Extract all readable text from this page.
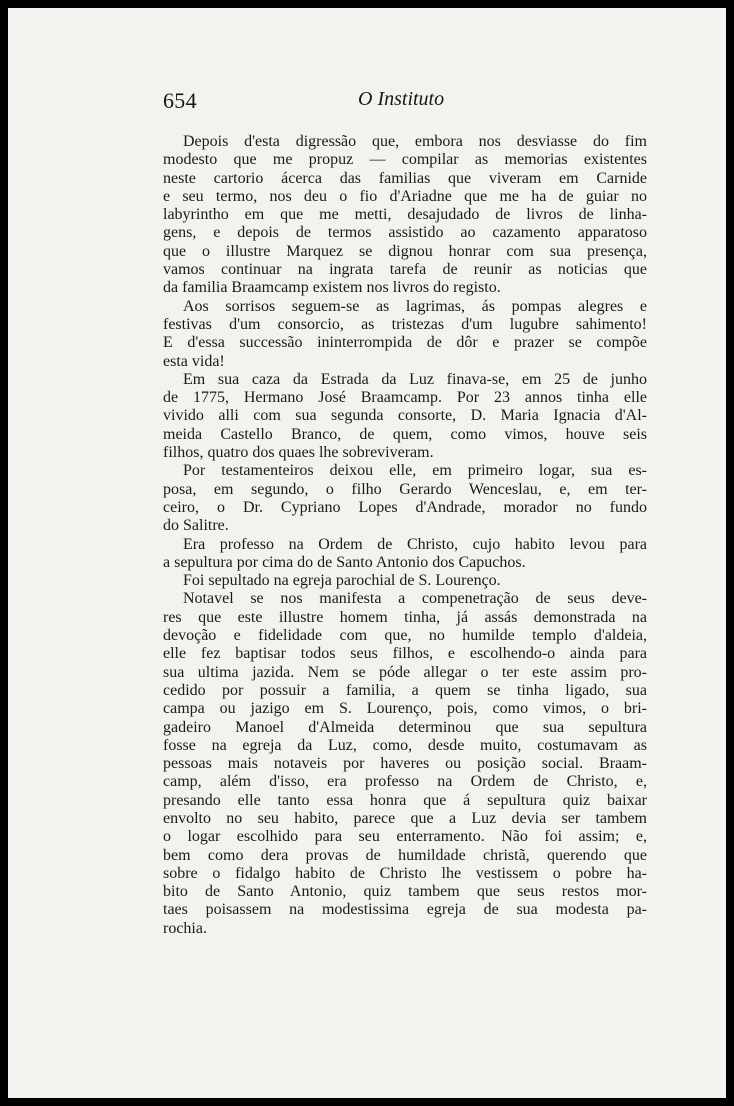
654	O Instituto
Depois d'esta digressão que, embora nos desviasse do fim
modesto que me propuz — compilar as memorias existentes
neste cartorio ácerca das familias que viveram em Carnide
e seu termo, nos deu o fio d'Ariadne que me ha de guiar no
labyrintho em que me metti, desajudado de livros de linha-
gens, e depois de termos assistido ao cazamento apparatoso
que o illustre Marquez se dignou honrar com sua presença,
vamos continuar na ingrata tarefa de reunir as noticias que
da familia Braamcamp existem nos livros do registo.
Aos sorrisos seguem-se as lagrimas, ás pompas alegres e
festivas d'um consorcio, as tristezas d'um lugubre sahimento!
E d'essa successão ininterrompida de dôr e prazer se compõe
esta vida!
Em sua caza da Estrada da Luz finava-se, em 25 de junho
de 1775, Hermano José Braamcamp. Por 23 annos tinha elle
vivido alli com sua segunda consorte, D. Maria Ignacia d'Al-
meida Castello Branco, de quem, como vimos, houve seis
filhos, quatro dos quaes lhe sobreviveram.
Por testamenteiros deixou elle, em primeiro logar, sua es-
posa, em segundo, o filho Gerardo Wenceslau, e, em ter-
ceiro, o Dr. Cypriano Lopes d'Andrade, morador no fundo
do Salitre.
Era professo na Ordem de Christo, cujo habito levou para
a sepultura por cima do de Santo Antonio dos Capuchos.
Foi sepultado na egreja parochial de S. Lourenço.
Notavel se nos manifesta a compenetração de seus deve-
res que este illustre homem tinha, já assás demonstrada na
devoção e fidelidade com que, no humilde templo d'aldeia,
elle fez baptisar todos seus filhos, e escolhendo-o ainda para
sua ultima jazida. Nem se póde allegar o ter este assim pro-
cedido por possuir a familia, a quem se tinha ligado, sua
campa ou jazigo em S. Lourenço, pois, como vimos, o bri-
gadeiro Manoel d'Almeida determinou que sua sepultura
fosse na egreja da Luz, como, desde muito, costumavam as
pessoas mais notaveis por haveres ou posição social. Braam-
camp, além d'isso, era professo na Ordem de Christo, e,
presando elle tanto essa honra que á sepultura quiz baixar
envolto no seu habito, parece que a Luz devia ser tambem
o logar escolhido para seu enterramento. Não foi assim; e,
bem como dera provas de humildade christã, querendo que
sobre o fidalgo habito de Christo lhe vestissem o pobre ha-
bito de Santo Antonio, quiz tambem que seus restos mor-
taes poisassem na modestissima egreja de sua modesta pa-
rochia.
